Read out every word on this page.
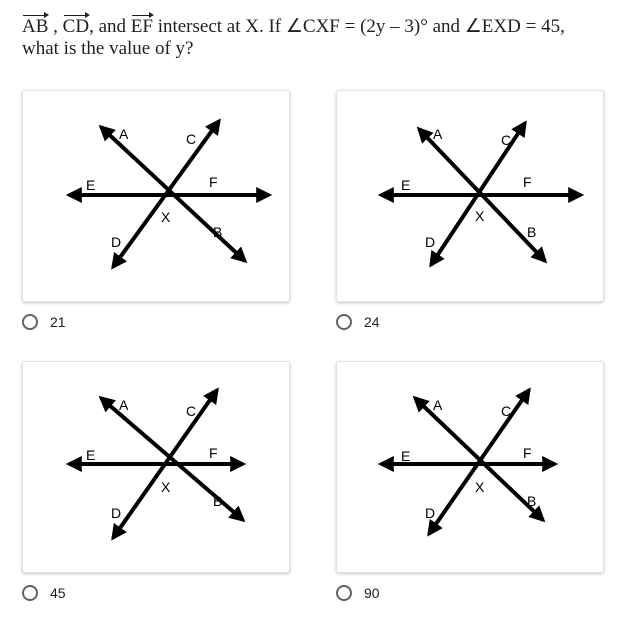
AB , CD, and EF intersect at X. If ∠CXF = (2y – 3)° and ∠EXD = 45,
what is the value of y?
A	C
E	F
X
B
D
21
A	C
E	F
X
B
D
24
A	C
E	F
X
B
D
45
A	C
E	F
X
B
D
90
